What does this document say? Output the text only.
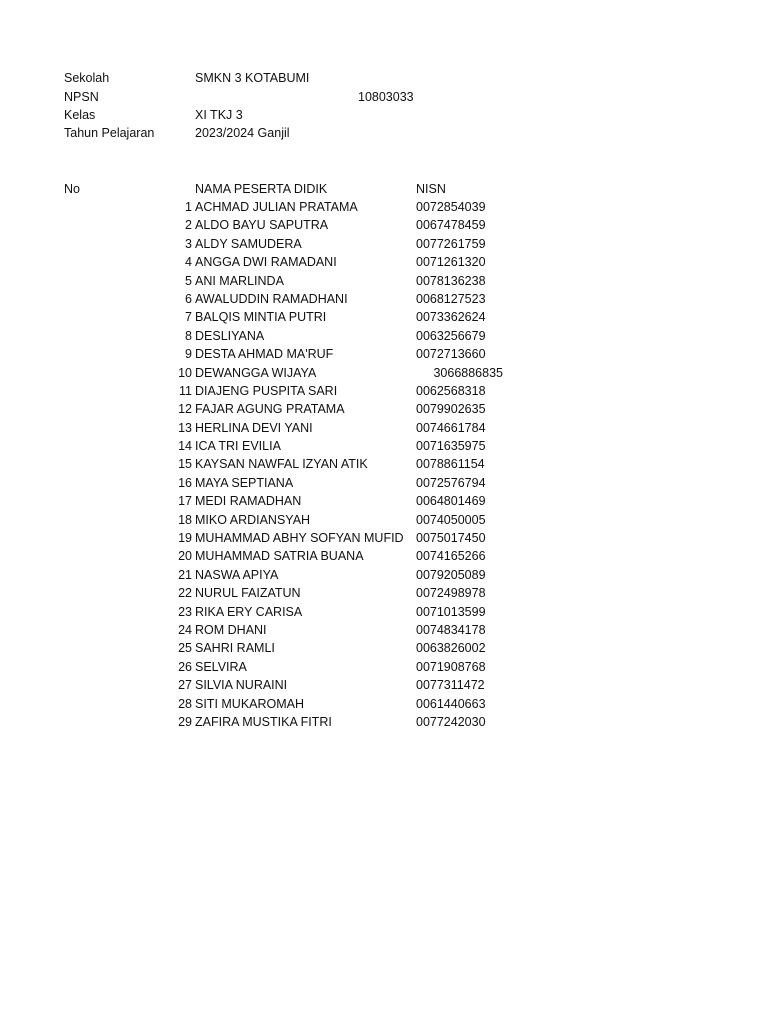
Sekolah	SMKN 3 KOTABUMI
NPSN	10803033
Kelas	XI TKJ 3
Tahun Pelajaran	2023/2024 Ganjil
No	NAMA PESERTA DIDIK	NISN
1 ACHMAD JULIAN PRATAMA	0072854039
2 ALDO BAYU SAPUTRA	0067478459
3 ALDY SAMUDERA	0077261759
4 ANGGA DWI RAMADANI	0071261320
5 ANI MARLINDA	0078136238
6 AWALUDDIN RAMADHANI	0068127523
7 BALQIS MINTIA PUTRI	0073362624
8 DESLIYANA	0063256679
9 DESTA AHMAD MA'RUF	0072713660
10 DEWANGGA WIJAYA	3066886835
11 DIAJENG PUSPITA SARI	0062568318
12 FAJAR AGUNG PRATAMA	0079902635
13 HERLINA DEVI YANI	0074661784
14 ICA TRI EVILIA	0071635975
15 KAYSAN NAWFAL IZYAN ATIK	0078861154
16 MAYA SEPTIANA	0072576794
17 MEDI RAMADHAN	0064801469
18 MIKO ARDIANSYAH	0074050005
19 MUHAMMAD ABHY SOFYAN MUFID 0075017450
20 MUHAMMAD SATRIA BUANA	0074165266
21 NASWA APIYA	0079205089
22 NURUL FAIZATUN	0072498978
23 RIKA ERY CARISA	0071013599
24 ROM DHANI	0074834178
25 SAHRI RAMLI	0063826002
26 SELVIRA	0071908768
27 SILVIA NURAINI	0077311472
28 SITI MUKAROMAH	0061440663
29 ZAFIRA MUSTIKA FITRI	0077242030
